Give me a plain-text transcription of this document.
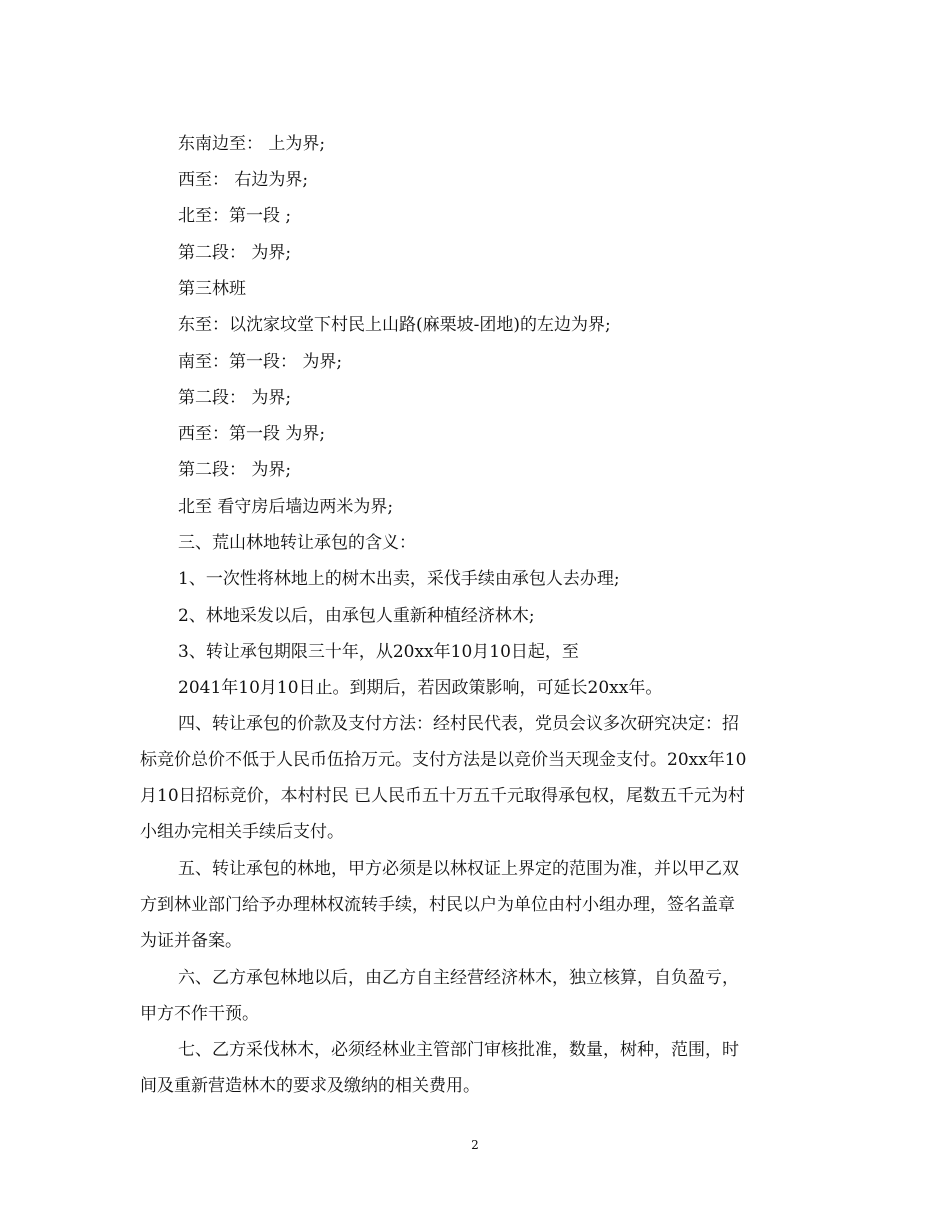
东南边至： 上为界;
西至： 右边为界;
北至：第一段 ;
第二段： 为界;
第三林班
东至：以沈家坟堂下村民上山路(麻栗坡-团地)的左边为界;
南至：第一段： 为界;
第二段： 为界;
西至：第一段 为界;
第二段： 为界;
北至 看守房后墙边两米为界;
三、荒山林地转让承包的含义：
1、一次性将林地上的树木出卖，采伐手续由承包人去办理;
2、林地采发以后，由承包人重新种植经济林木;
3、转让承包期限三十年，从20xx年10月10日起，至
2041年10月10日止。到期后，若因政策影响，可延长20xx年。
四、转让承包的价款及支付方法：经村民代表，党员会议多次研究决定：招
标竞价总价不低于人民币伍拾万元。支付方法是以竞价当天现金支付。20xx年10
月10日招标竞价，本村村民 已人民币五十万五千元取得承包权，尾数五千元为村
小组办完相关手续后支付。
五、转让承包的林地，甲方必须是以林权证上界定的范围为准，并以甲乙双
方到林业部门给予办理林权流转手续，村民以户为单位由村小组办理，签名盖章
为证并备案。
六、乙方承包林地以后，由乙方自主经营经济林木，独立核算，自负盈亏，
甲方不作干预。
七、乙方采伐林木，必须经林业主管部门审核批准，数量，树种，范围，时
间及重新营造林木的要求及缴纳的相关费用。
2
